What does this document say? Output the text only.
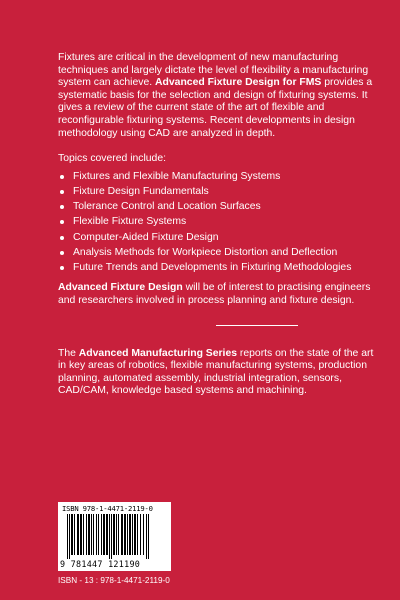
Fixtures are critical in the development of new manufacturing techniques and largely dictate the level of flexibility a manufacturing system can achieve. Advanced Fixture Design for FMS provides a systematic basis for the selection and design of fixturing systems. It gives a review of the current state of the art of flexible and reconfigurable fixturing systems. Recent developments in design methodology using CAD are analyzed in depth.

Topics covered include:

Fixtures and Flexible Manufacturing Systems
Fixture Design Fundamentals
Tolerance Control and Location Surfaces
Flexible Fixture Systems
Computer-Aided Fixture Design
Analysis Methods for Workpiece Distortion and Deflection
Future Trends and Developments in Fixturing Methodologies

Advanced Fixture Design will be of interest to practising engineers and researchers involved in process planning and fixture design.

The Advanced Manufacturing Series reports on the state of the art in key areas of robotics, flexible manufacturing systems, production planning, automated assembly, industrial integration, sensors, CAD/CAM, knowledge based systems and machining.

ISBN 978-1-4471-2119-0
9 781447 121190
ISBN - 13 : 978-1-4471-2119-0
